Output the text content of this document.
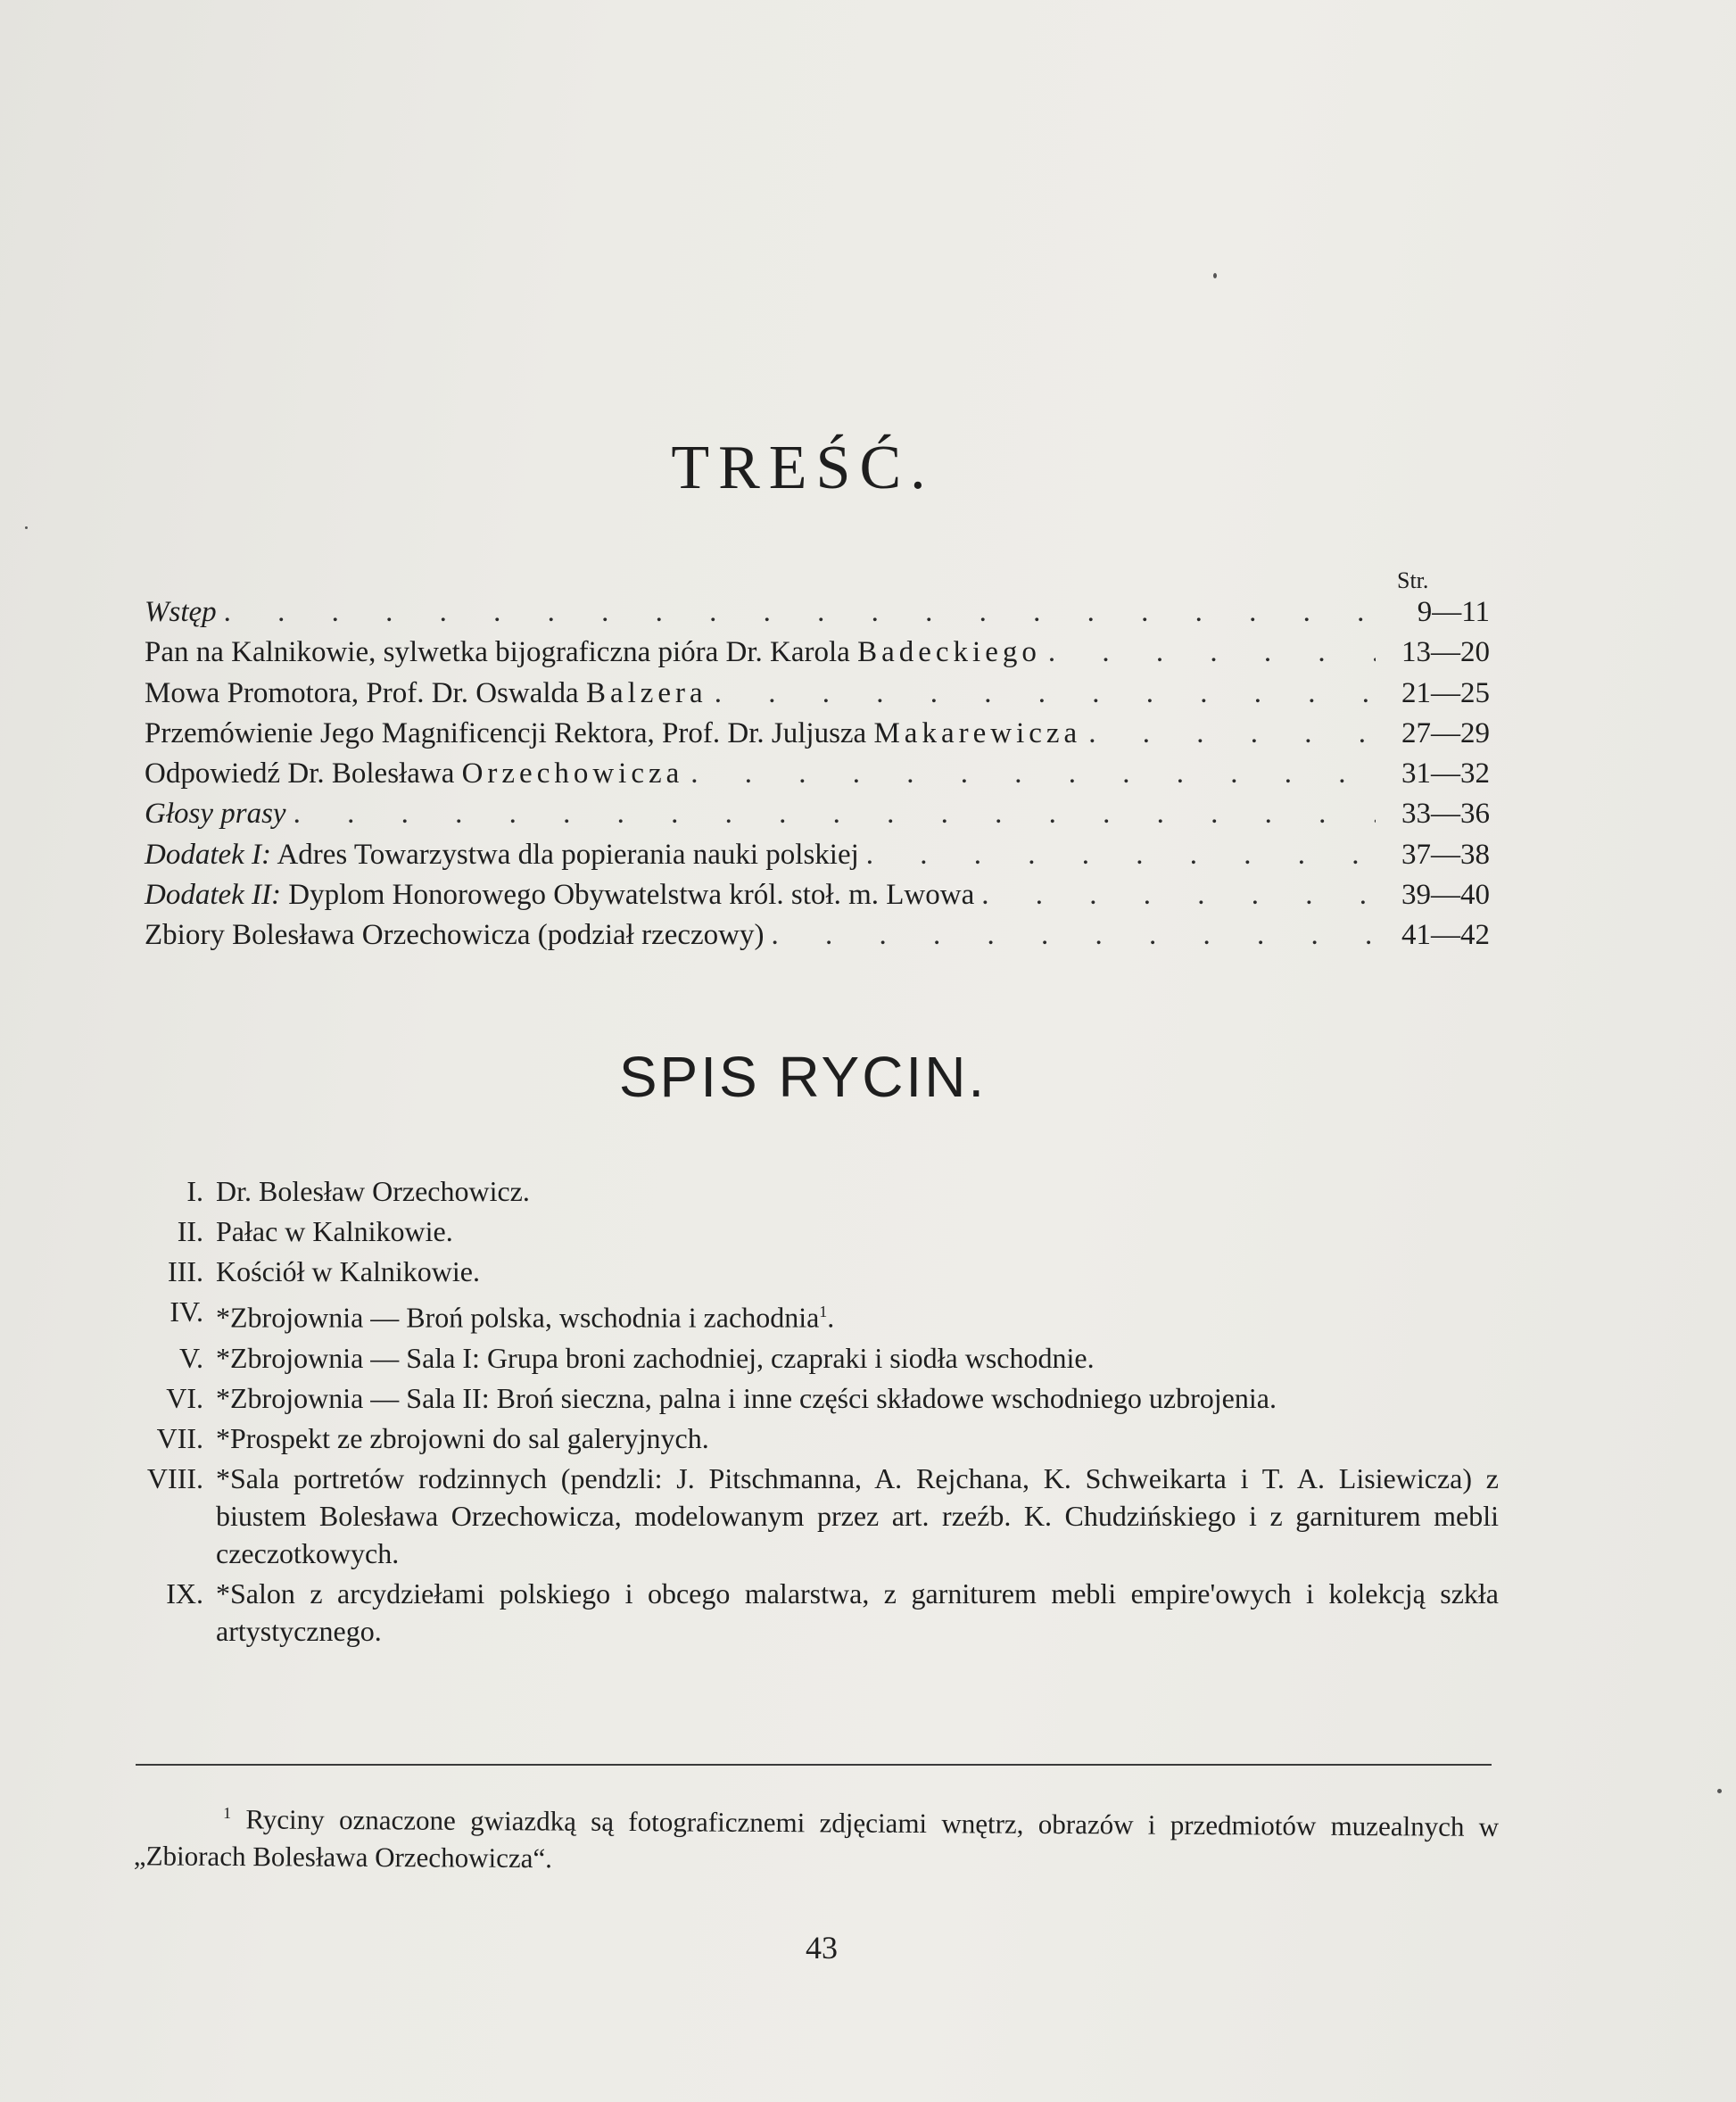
TREŚĆ.
Str.
Wstęp . . .	9—11
Pan na Kalnikowie, sylwetka bijograficzna pióra Dr. Karola Badeckiego . . .	13—20
Mowa Promotora, Prof. Dr. Oswalda Balzera . . .	21—25
Przemówienie Jego Magnificencji Rektora, Prof. Dr. Juljusza Makarewicza . . .	27—29
Odpowiedź Dr. Bolesława Orzechowicza . . .	31—32
Głosy prasy . . .	33—36
Dodatek I: Adres Towarzystwa dla popierania nauki polskiej . . .	37—38
Dodatek II: Dyplom Honorowego Obywatelstwa król. stoł. m. Lwowa . . .	39—40
Zbiory Bolesława Orzechowicza (podział rzeczowy) . . .	41—42
SPIS RYCIN.
I. Dr. Bolesław Orzechowicz.
II. Pałac w Kalnikowie.
III. Kościół w Kalnikowie.
IV. *Zbrojownia — Broń polska, wschodnia i zachodnia$^1$.
V. *Zbrojownia — Sala I: Grupa broni zachodniej, czapraki i siodła wschodnie.
VI. *Zbrojownia — Sala II: Broń sieczna, palna i inne części składowe wschodniego uzbrojenia.
VII. *Prospekt ze zbrojowni do sal galeryjnych.
VIII. *Sala portretów rodzinnych (pendzli: J. Pitschmanna, A. Rejchana, K. Schweikarta i T. A. Lisiewicza) z biustem Bolesława Orzechowicza, modelowanym przez art. rzeźb. K. Chudzińskiego i z garniturem mebli czeczotkowych.
IX. *Salon z arcydziełami polskiego i obcego malarstwa, z garniturem mebli empire'owych i kolekcją szkła artystycznego.
$^1$ Ryciny oznaczone gwiazdką są fotograficznemi zdjęciami wnętrz, obrazów i przedmiotów muzealnych w „Zbiorach Bolesława Orzechowicza“.
43
